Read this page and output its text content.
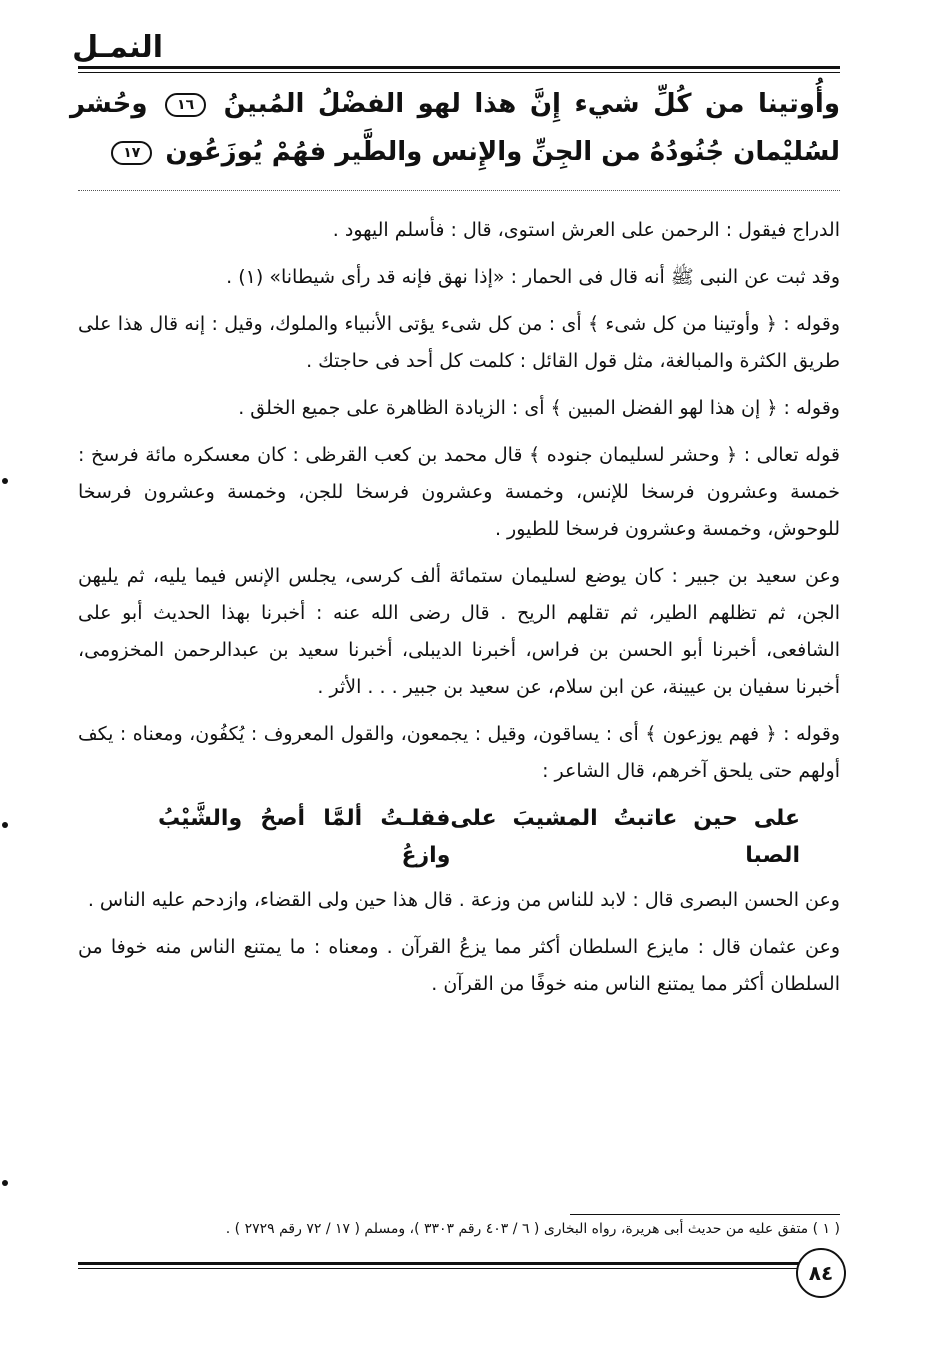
النمـل
وأُوتينا من كُلِّ شيء إِنَّ هذا لهو الفضْلُ المُبينُ ١٦ وحُشر لسُليْمان جُنُودُهُ من الجِنِّ والإِنس والطَّير فهُمْ يُوزَعُون ١٧

الدراج فيقول : الرحمن على العرش استوى، قال : فأسلم اليهود .

وقد ثبت عن النبى ﷺ أنه قال فى الحمار : «إذا نهق فإنه قد رأى شيطانا» (١) .

وقوله : ﴿ وأوتينا من كل شىء ﴾ أى : من كل شىء يؤتى الأنبياء والملوك، وقيل : إنه قال هذا على طريق الكثرة والمبالغة، مثل قول القائل : كلمت كل أحد فى حاجتك .

وقوله : ﴿ إن هذا لهو الفضل المبين ﴾ أى : الزيادة الظاهرة على جميع الخلق .

قوله تعالى : ﴿ وحشر لسليمان جنوده ﴾ قال محمد بن كعب القرظى : كان معسكره مائة فرسخ : خمسة وعشرون فرسخا للإنس، وخمسة وعشرون فرسخا للجن، وخمسة وعشرون فرسخا للوحوش، وخمسة وعشرون فرسخا للطيور .

وعن سعيد بن جبير : كان يوضع لسليمان ستمائة ألف كرسى، يجلس الإنس فيما يليه، ثم يليهن الجن، ثم تظلهم الطير، ثم تقلهم الريح . قال رضى الله عنه : أخبرنا بهذا الحديث أبو على الشافعى، أخبرنا أبو الحسن بن فراس، أخبرنا الديبلى، أخبرنا سعيد بن عبدالرحمن المخزومى، أخبرنا سفيان بن عيينة، عن ابن سلام، عن سعيد بن جبير . . . الأثر .

وقوله : ﴿ فهم يوزعون ﴾ أى : يساقون، وقيل : يجمعون، والقول المعروف : يُكفُون، ومعناه : يكف أولهم حتى يلحق آخرهم، قال الشاعر :

على حين عاتبتُ المشيبَ على الصبا
فقلـتُ ألمَّا أصحُ والشَّيْبُ وازعُ

وعن الحسن البصرى قال : لابد للناس من وزعة . قال هذا حين ولى القضاء، وازدحم عليه الناس .

وعن عثمان قال : مايزع السلطان أكثر مما يزعُ القرآن . ومعناه : ما يمتنع الناس منه خوفا من السلطان أكثر مما يمتنع الناس منه خوفًا من القرآن .

( ١ ) متفق عليه من حديث أبى هريرة، رواه البخارى ( ٦ / ٤٠٣ رقم ٣٣٠٣ )، ومسلم ( ١٧ / ٧٢ رقم ٢٧٢٩ ) .
٨٤
